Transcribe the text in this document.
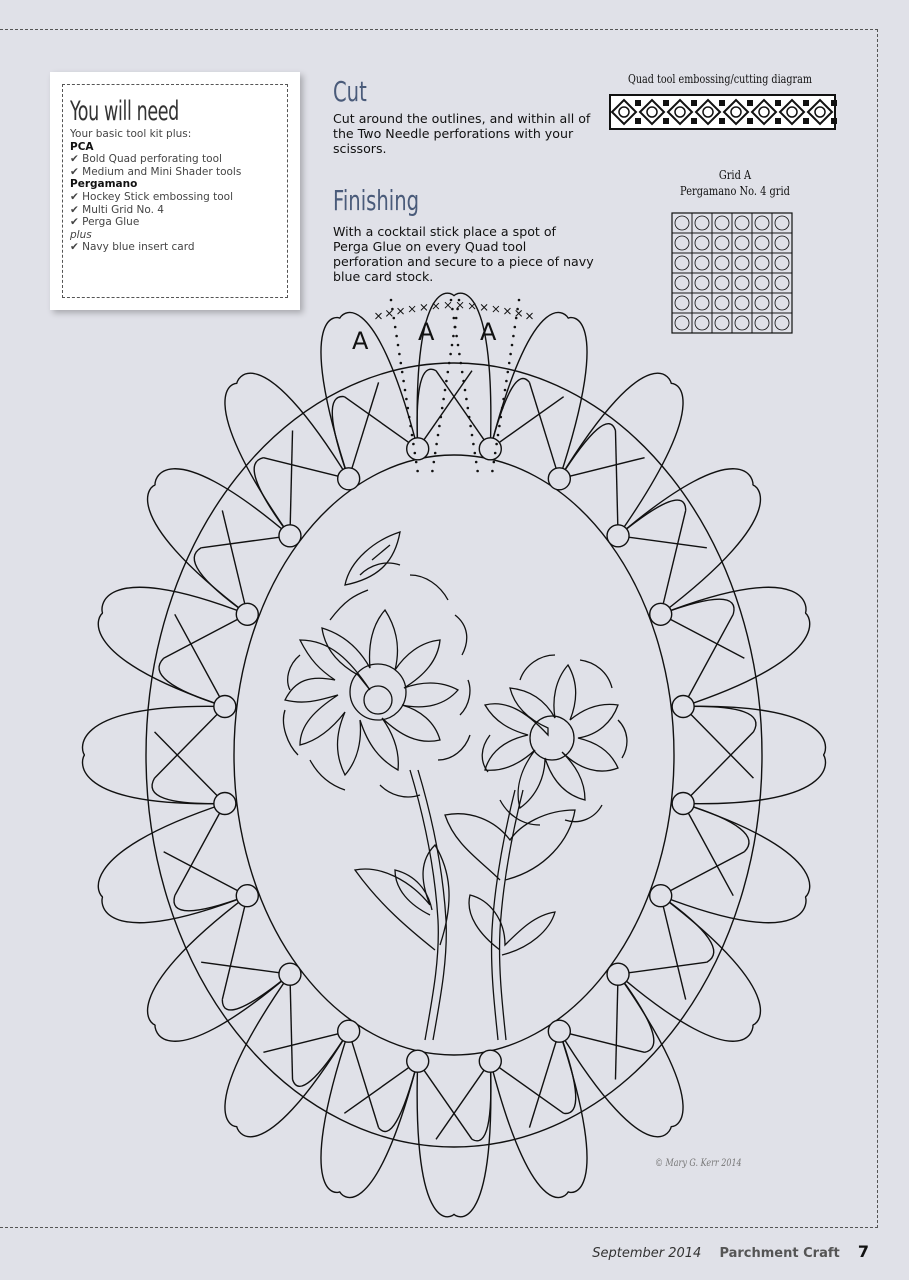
You will need
Your basic tool kit plus:
PCA
✔ Bold Quad perforating tool
✔ Medium and Mini Shader tools
Pergamano
✔ Hockey Stick embossing tool
✔ Multi Grid No. 4
✔ Perga Glue
plus
✔ Navy blue insert card
Cut
Cut around the outlines, and within all of the Two Needle perforations with your scissors.
Finishing
With a cocktail stick place a spot of Perga Glue on every Quad tool perforation and secure to a piece of navy blue card stock.
Quad tool embossing/cutting diagram
Grid A
Pergamano No. 4 grid
A A A
© Mary G. Kerr 2014
September 2014 Parchment Craft 7
